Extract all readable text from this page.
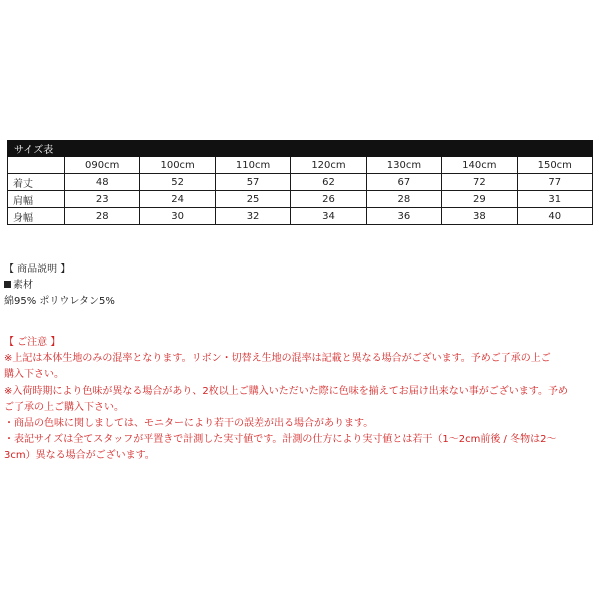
サイズ表							
	090cm	100cm	110cm	120cm	130cm	140cm	150cm
着丈	48	52	57	62	67	72	77
肩幅	23	24	25	26	28	29	31
身幅	28	30	32	34	36	38	40
【 商品説明 】
素材
綿95% ポリウレタン5%

【 ご注意 】

※上記は本体生地のみの混率となります。リボン・切替え生地の混率は記載と異なる場合がございます。予めご了承の上ご

購入下さい。

※入荷時期により色味が異なる場合があり、2枚以上ご購入いただいた際に色味を揃えてお届け出来ない事がございます。予め

ご了承の上ご購入下さい。

・商品の色味に関しましては、モニターにより若干の誤差が出る場合があります。

・表記サイズは全てスタッフが平置きで計測した実寸値です。計測の仕方により実寸値とは若干（1〜2cm前後 / 冬物は2〜

3cm）異なる場合がございます。
